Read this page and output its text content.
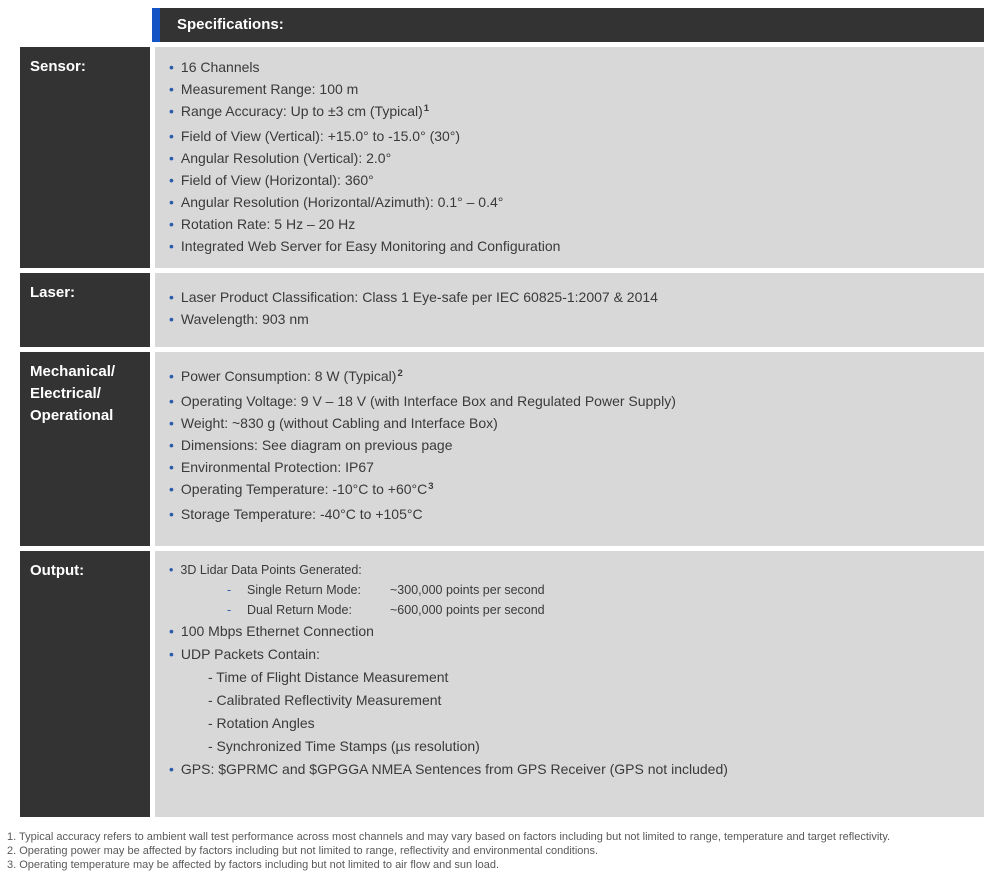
Specifications:
Sensor:	• 16 Channels
• Measurement Range: 100 m
• Range Accuracy: Up to ±3 cm (Typical)$^1$
• Field of View (Vertical): +15.0° to -15.0° (30°)
• Angular Resolution (Vertical): 2.0°
• Field of View (Horizontal): 360°
• Angular Resolution (Horizontal/Azimuth): 0.1° – 0.4°
• Rotation Rate: 5 Hz – 20 Hz
• Integrated Web Server for Easy Monitoring and Configuration
Laser:	• Laser Product Classification: Class 1 Eye-safe per IEC 60825-1:2007 & 2014
• Wavelength: 903 nm
Mechanical/
Electrical/
Operational
• Power Consumption: 8 W (Typical)$^2$
• Operating Voltage: 9 V – 18 V (with Interface Box and Regulated Power Supply)
• Weight: ~830 g (without Cabling and Interface Box)
• Dimensions: See diagram on previous page
• Environmental Protection: IP67
• Operating Temperature: -10°C to $+60^\circ C^3$
• Storage Temperature: -40°C to +105°C
Output:	• 3D Lidar Data Points Generated:
- Single Return Mode: ~300,000 points per second
- Dual Return Mode:	~600,000 points per second
• 100 Mbps Ethernet Connection
• UDP Packets Contain:
- Time of Flight Distance Measurement
- Calibrated Reflectivity Measurement
- Rotation Angles
- Synchronized Time Stamps (µs resolution)
• GPS: $GPRMC and $GPGGA NMEA Sentences from GPS Receiver (GPS not included)
1. Typical accuracy refers to ambient wall test performance across most channels and may vary based on factors including but not limited to range, temperature and target reflectivity.
2. Operating power may be affected by factors including but not limited to range, reflectivity and environmental conditions.
3. Operating temperature may be affected by factors including but not limited to air flow and sun load.
